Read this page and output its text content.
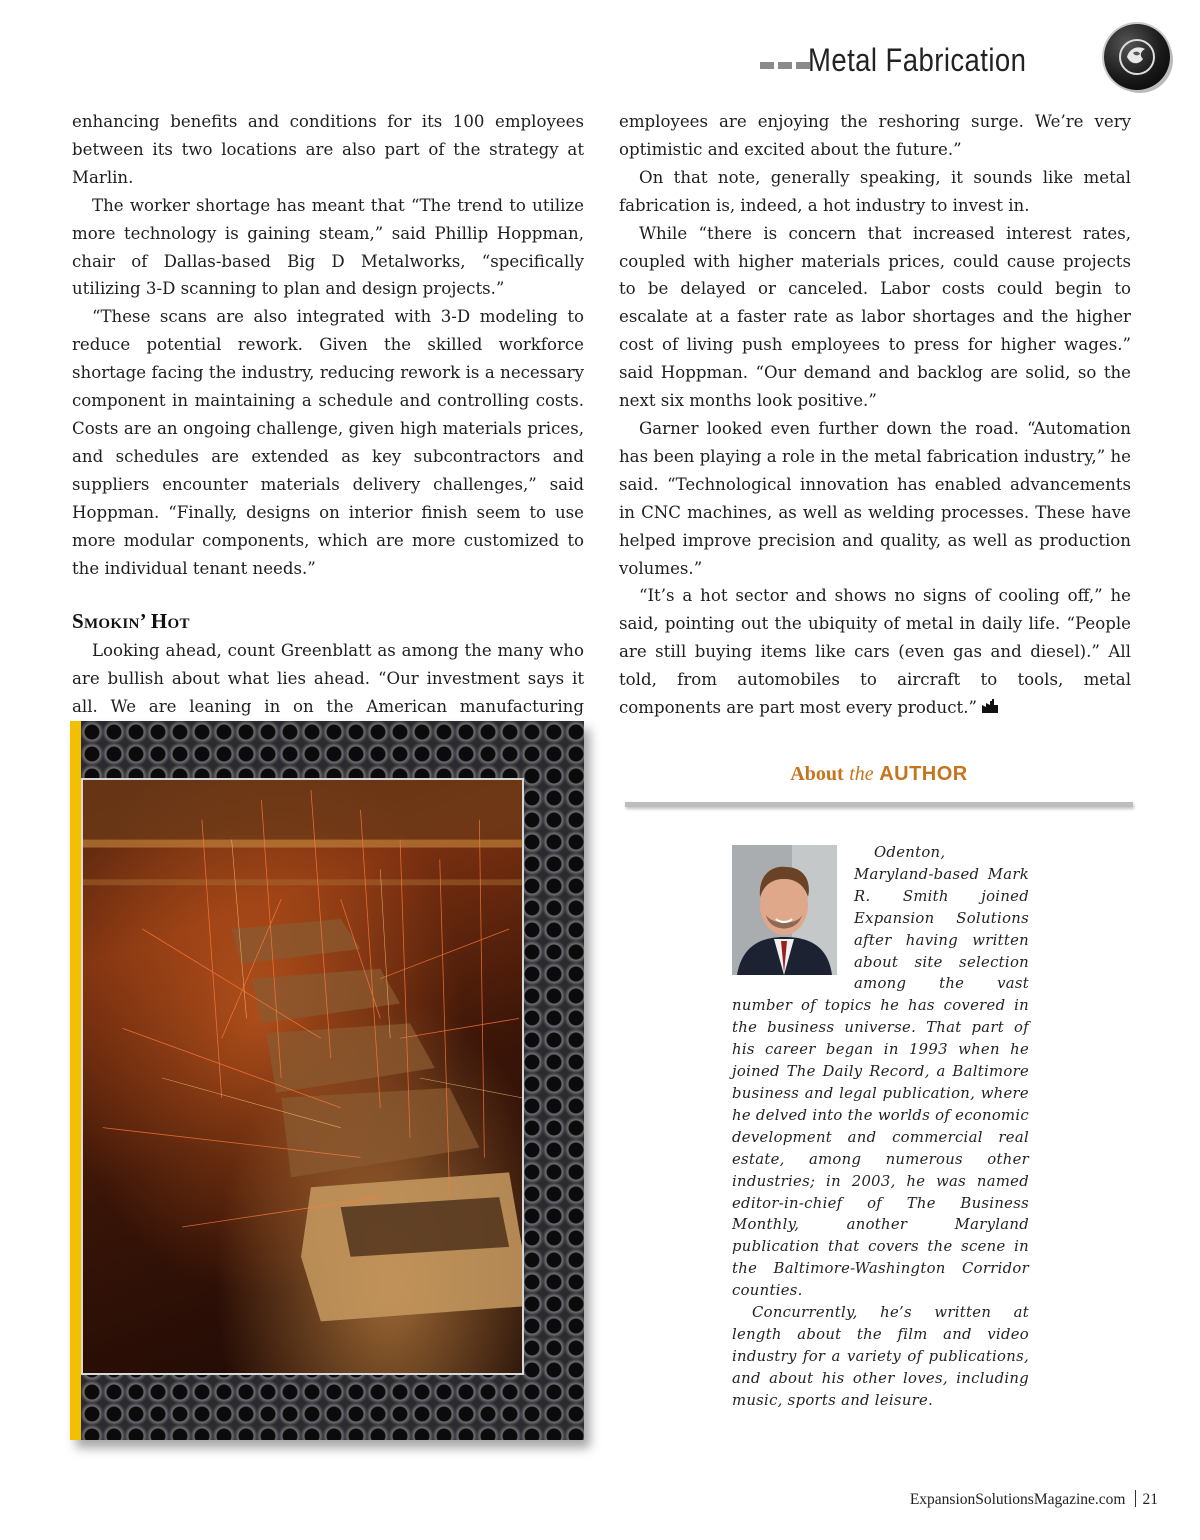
Metal Fabrication

enhancing benefits and conditions for its 100 employees between its two locations are also part of the strategy at Marlin.

The worker shortage has meant that “The trend to utilize more technology is gaining steam,” said Phillip Hoppman, chair of Dallas-based Big D Metalworks, “specifically utilizing 3-D scanning to plan and design projects.”

“These scans are also integrated with 3-D modeling to reduce potential rework. Given the skilled workforce shortage facing the industry, reducing rework is a necessary component in maintaining a schedule and controlling costs. Costs are an ongoing challenge, given high materials prices, and schedules are extended as key subcontractors and suppliers encounter materials delivery challenges,” said Hoppman. “Finally, designs on interior finish seem to use more modular components, which are more customized to the individual tenant needs.”

Smokin’ Hot

Looking ahead, count Greenblatt as among the many who are bullish about what lies ahead. “Our investment says it all. We are leaning in on the American manufacturing

employees are enjoying the reshoring surge. We’re very optimistic and excited about the future.”

On that note, generally speaking, it sounds like metal fabrication is, indeed, a hot industry to invest in.

While “there is concern that increased interest rates, coupled with higher materials prices, could cause projects to be delayed or canceled. Labor costs could begin to escalate at a faster rate as labor shortages and the higher cost of living push employees to press for higher wages.” said Hoppman. “Our demand and backlog are solid, so the next six months look positive.”

Garner looked even further down the road. “Automation has been playing a role in the metal fabrication industry,” he said. “Technological innovation has enabled advancements in CNC machines, as well as welding processes. These have helped improve precision and quality, as well as production volumes.”

“It’s a hot sector and shows no signs of cooling off,” he said, pointing out the ubiquity of metal in daily life. “People are still buying items like cars (even gas and diesel).” All told, from automobiles to aircraft to tools, metal components are part most every product.”

About the AUTHOR

Odenton, Maryland-based Mark R. Smith joined Expansion Solutions after having written about site selection among the vast number of topics he has covered in the business universe. That part of his career began in 1993 when he joined The Daily Record, a Baltimore business and legal publication, where he delved into the worlds of economic development and commercial real estate, among numerous other industries; in 2003, he was named editor-in-chief of The Business Monthly, another Maryland publication that covers the scene in the Baltimore-Washington Corridor counties.

Concurrently, he’s written at length about the film and video industry for a variety of publications, and about his other loves, including music, sports and leisure.

ExpansionSolutionsMagazine.com 21
